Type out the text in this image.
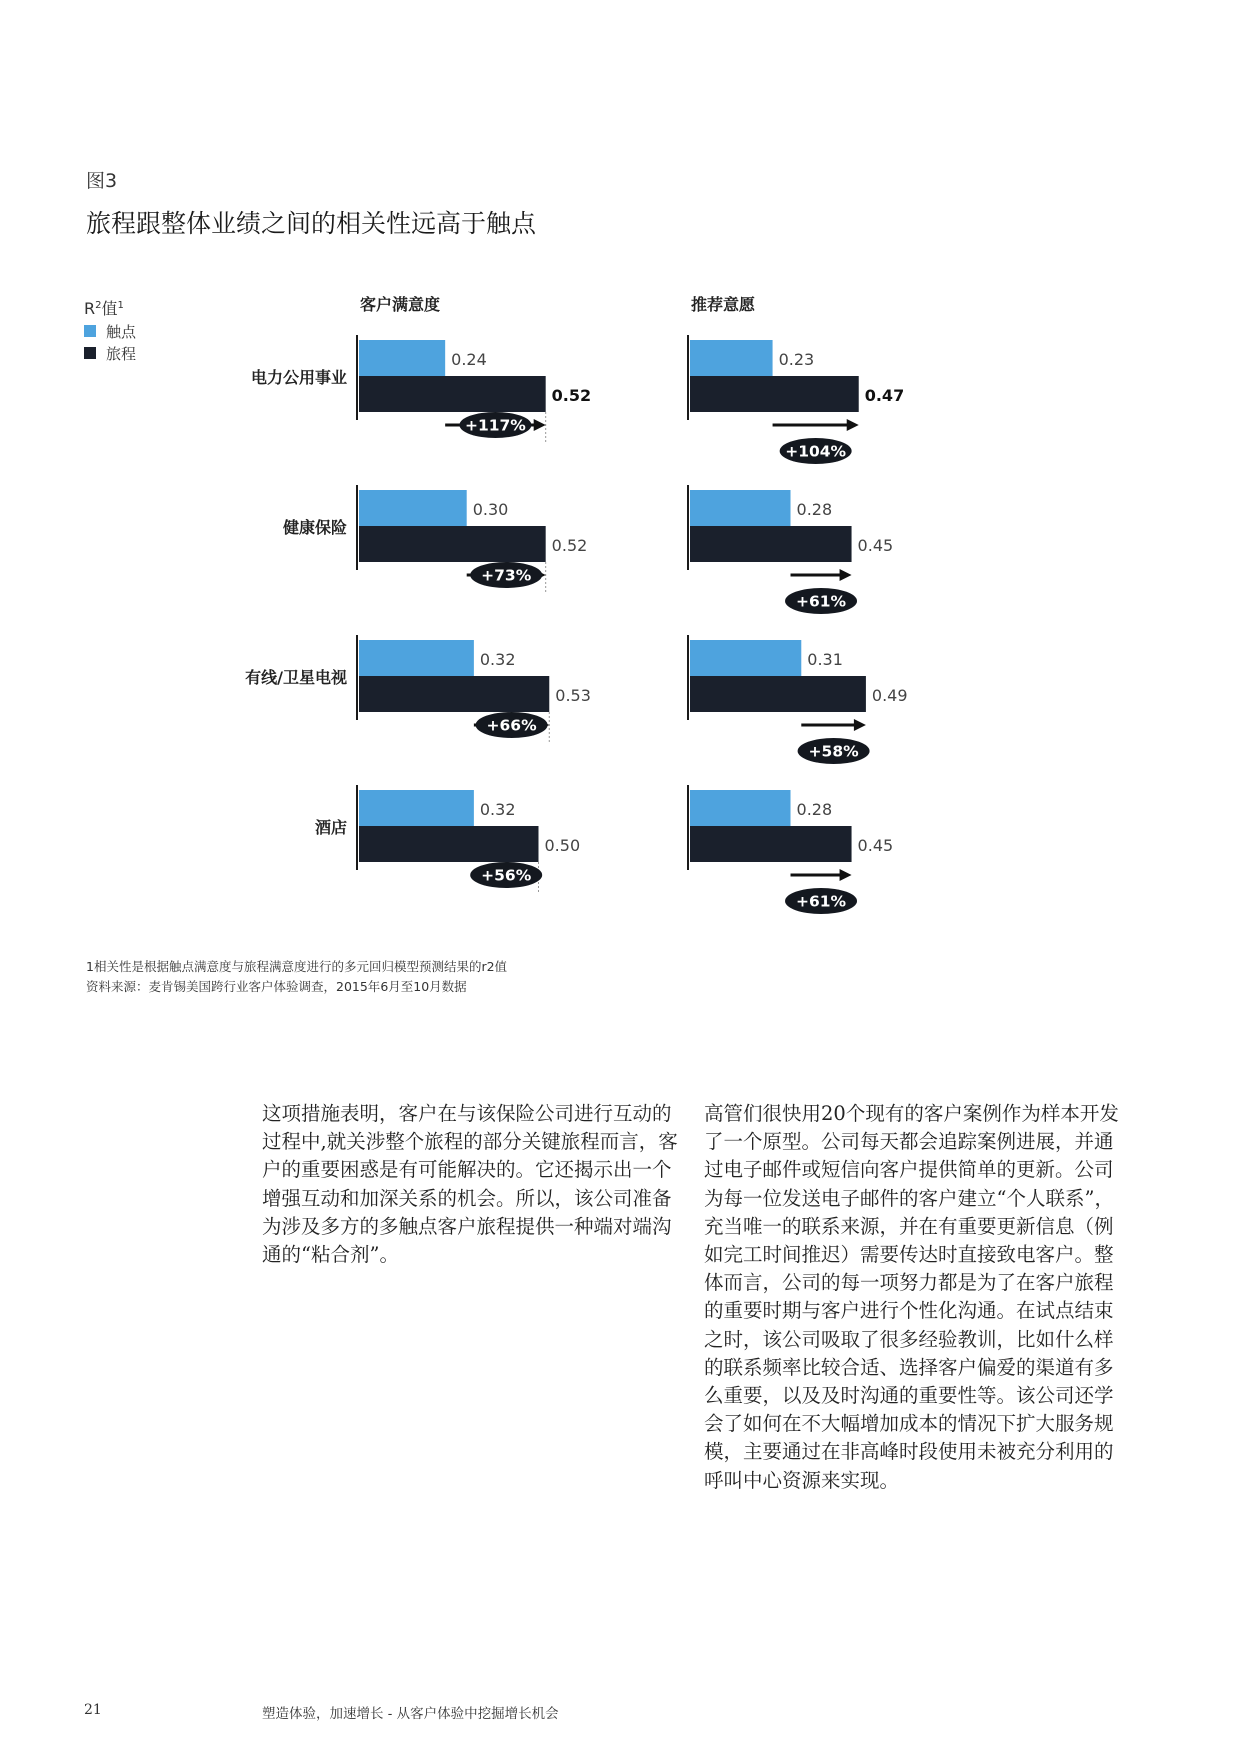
图3
旅程跟整体业绩之间的相关性远高于触点
$R^2$值$^1$
触点
旅程
客户满意度
电力公用事业
0.24
0.52
+117%
健康保险
0.30
0.52
+73%
有线/卫星电视
0.32
0.53
+66%
酒店
0.32
0.50
+56%
推荐意愿
0.23
0.47
+104%
0.28
0.45
+61%
0.31
0.49
+58%
0.28
0.45
+61%
1相关性是根据触点满意度与旅程满意度进行的多元回归模型预测结果的r2值
资料来源：麦肯锡美国跨行业客户体验调查，2015年6月至10月数据

这项措施表明，客户在与该保险公司进行互动的过程中,就关涉整个旅程的部分关键旅程而言，客户的重要困惑是有可能解决的。它还揭示出一个增强互动和加深关系的机会。所以，该公司准备为涉及多方的多触点客户旅程提供一种端对端沟通的“粘合剂”。

高管们很快用20个现有的客户案例作为样本开发了一个原型。公司每天都会追踪案例进展，并通过电子邮件或短信向客户提供简单的更新。公司为每一位发送电子邮件的客户建立“个人联系”，充当唯一的联系来源，并在有重要更新信息（例如完工时间推迟）需要传达时直接致电客户。整体而言，公司的每一项努力都是为了在客户旅程的重要时期与客户进行个性化沟通。在试点结束之时，该公司吸取了很多经验教训，比如什么样的联系频率比较合适、选择客户偏爱的渠道有多么重要，以及及时沟通的重要性等。该公司还学会了如何在不大幅增加成本的情况下扩大服务规模，主要通过在非高峰时段使用未被充分利用的呼叫中心资源来实现。

21	塑造体验，加速增长 - 从客户体验中挖掘增长机会
